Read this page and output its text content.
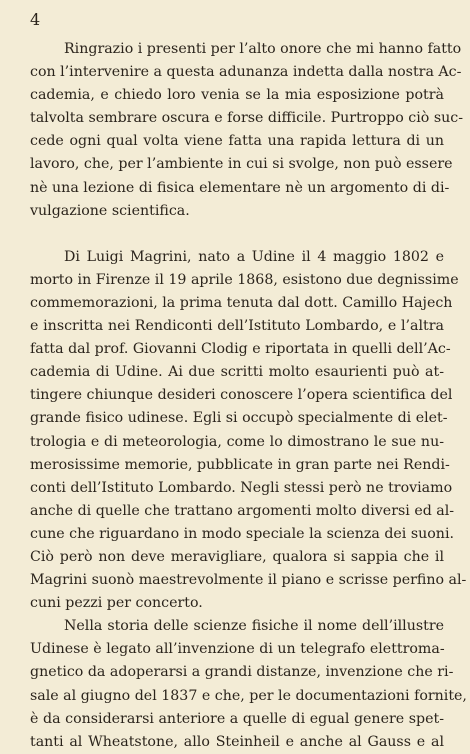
4
Ringrazio i presenti per l’alto onore che mi hanno fatto
con l’intervenire a questa adunanza indetta dalla nostra Ac-
cademia, e chiedo loro venia se la mia esposizione potrà
talvolta sembrare oscura e forse difficile. Purtroppo ciò suc-
cede ogni qual volta viene fatta una rapida lettura di un
lavoro, che, per l’ambiente in cui si svolge, non può essere
nè una lezione di fisica elementare nè un argomento di di-
vulgazione scientifica.
Di Luigi Magrini, nato a Udine il 4 maggio 1802 e
morto in Firenze il 19 aprile 1868, esistono due degnissime
commemorazioni, la prima tenuta dal dott. Camillo Hajech
e inscritta nei Rendiconti dell’Istituto Lombardo, e l’altra
fatta dal prof. Giovanni Clodig e riportata in quelli dell’Ac-
cademia di Udine. Ai due scritti molto esaurienti può at-
tingere chiunque desideri conoscere l’opera scientifica del
grande fisico udinese. Egli si occupò specialmente di elet-
trologia e di meteorologia, come lo dimostrano le sue nu-
merosissime memorie, pubblicate in gran parte nei Rendi-
conti dell’Istituto Lombardo. Negli stessi però ne troviamo
anche di quelle che trattano argomenti molto diversi ed al-
cune che riguardano in modo speciale la scienza dei suoni.
Ciò però non deve meravigliare, qualora si sappia che il
Magrini suonò maestrevolmente il piano e scrisse perfino al-
cuni pezzi per concerto.
Nella storia delle scienze fisiche il nome dell’illustre
Udinese è legato all’invenzione di un telegrafo elettroma-
gnetico da adoperarsi a grandi distanze, invenzione che ri-
sale al giugno del 1837 e che, per le documentazioni fornite,
è da considerarsi anteriore a quelle di egual genere spet-
tanti al Wheatstone, allo Steinheil e anche al Gauss e al
